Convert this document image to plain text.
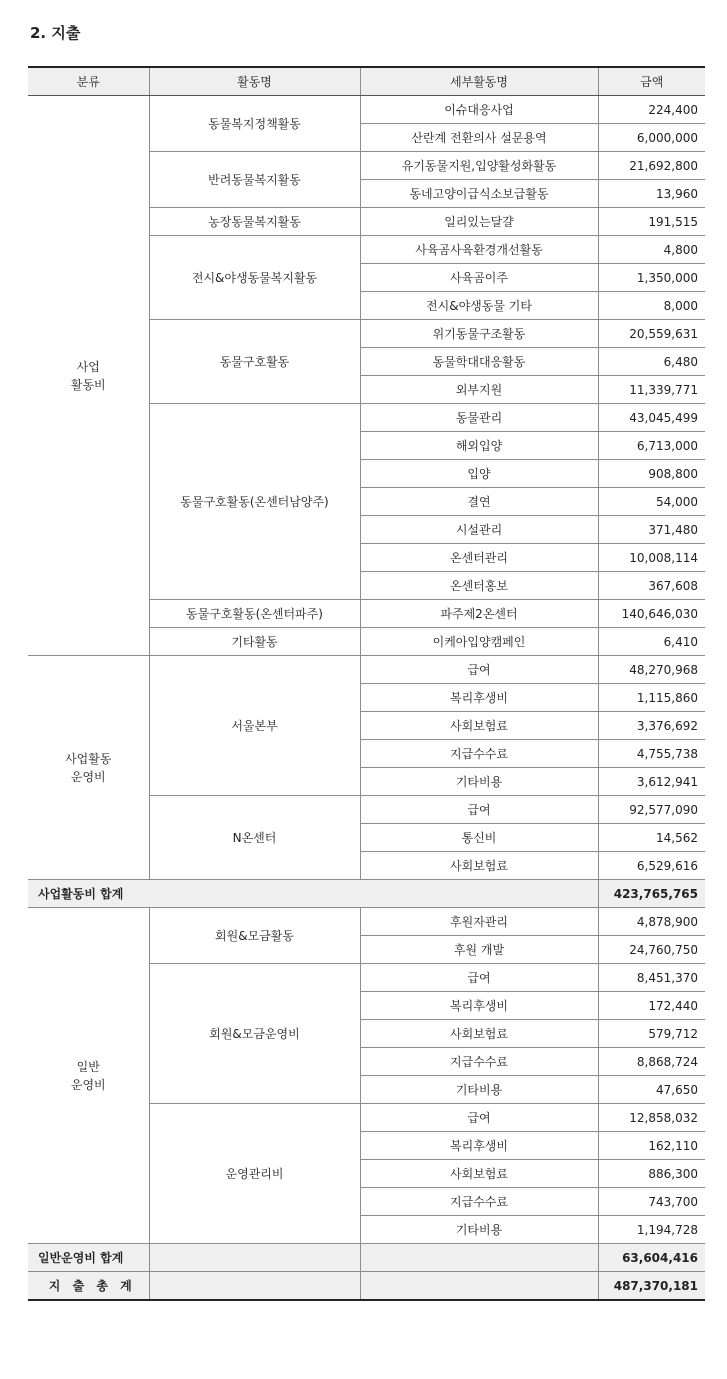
2. 지출
분류	활동명	세부활동명	금액

사업
활동비	동물복지정책활동	이슈대응사업	224,400
		산란계 전환의사 설문용역	6,000,000
	반려동물복지활동	유기동물지원,입양활성화활동	21,692,800
		동네고양이급식소보급활동	13,960
	농장동물복지활동	일리있는달걀	191,515
	전시&야생동물복지활동	사육곰사육환경개선활동	4,800
		사육곰이주	1,350,000
		전시&야생동물 기타	8,000
	동물구호활동	위기동물구조활동	20,559,631
		동물학대대응활동	6,480
		외부지원	11,339,771
	동물구호활동(온센터남양주)	동물관리	43,045,499
		해외입양	6,713,000
		입양	908,800
		결연	54,000
		시설관리	371,480
		온센터관리	10,008,114
		온센터홍보	367,608
	동물구호활동(온센터파주)	파주제2온센터	140,646,030
	기타활동	이케아입양캠페인	6,410

사업활동
운영비	서울본부	급여	48,270,968
		복리후생비	1,115,860
		사회보험료	3,376,692
		지급수수료	4,755,738
		기타비용	3,612,941
	N온센터	급여	92,577,090
		통신비	14,562
		사회보험료	6,529,616
사업활동비 합계			423,765,765

일반
운영비	회원&모금활동	후원자관리	4,878,900
		후원 개발	24,760,750
	회원&모금운영비	급여	8,451,370
		복리후생비	172,440
		사회보험료	579,712
		지급수수료	8,868,724
		기타비용	47,650
	운영관리비	급여	12,858,032
		복리후생비	162,110
		사회보험료	886,300
		지급수수료	743,700
		기타비용	1,194,728
일반운영비 합계			63,604,416
지 출 총 계			487,370,181
